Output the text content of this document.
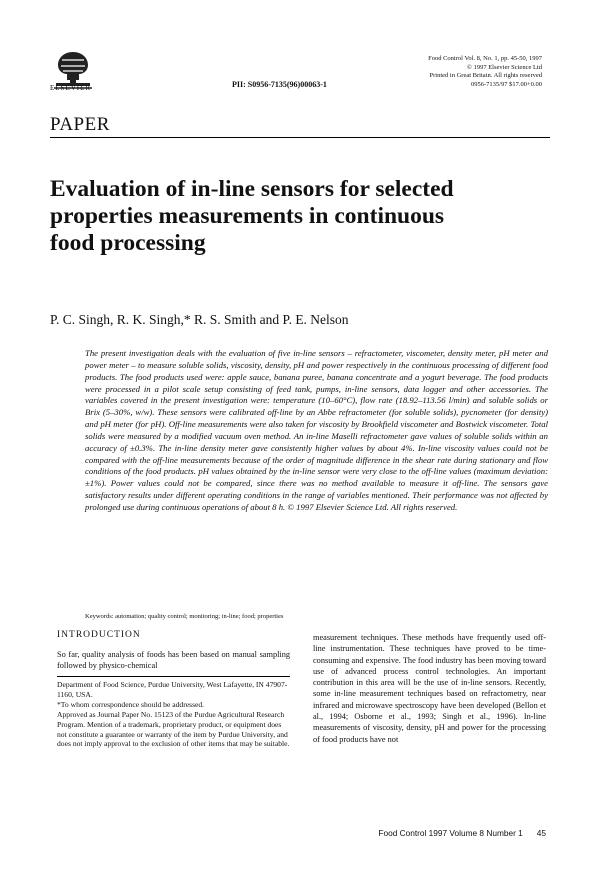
ELSEVIER	PII: S0956-7135(96)00063-1
Food Control Vol. 8, No. 1, pp. 45-50, 1997
© 1997 Elsevier Science Ltd
Printed in Great Britain. All rights reserved
0956-7135/97 $17.00+0.00
PAPER
Evaluation of in-line sensors for selected properties measurements in continuous food processing
P. C. Singh, R. K. Singh,* R. S. Smith and P. E. Nelson
The present investigation deals with the evaluation of five in-line sensors – refractometer, viscometer, density meter, pH meter and power meter – to measure soluble solids, viscosity, density, pH and power respectively in the continuous processing of different food products. The food products used were: apple sauce, banana puree, banana concentrate and a yogurt beverage. The food products were processed in a pilot scale setup consisting of feed tank, pumps, in-line sensors, data logger and other accessories. The variables covered in the present investigation were: temperature (10–60°C), flow rate (18.92–113.56 l/min) and soluble solids or Brix (5–30%, w/w). These sensors were calibrated off-line by an Abbe refractometer (for soluble solids), pycnometer (for density) and pH meter (for pH). Off-line measurements were also taken for viscosity by Brookfield viscometer and Bostwick viscometer. Total solids were measured by a modified vacuum oven method. An in-line Maselli refractometer gave values of soluble solids within an accuracy of ±0.3%. The in-line density meter gave consistently higher values by about 4%. In-line viscosity values could not be compared with the off-line measurements because of the order of magnitude difference in the shear rate during stationary and flow conditions of the food products. pH values obtained by the in-line sensor were very close to the off-line values (maximum deviation: ±1%). Power values could not be compared, since there was no method available to measure it off-line. The sensors gave satisfactory results under different operating conditions in the range of variables mentioned. Their performance was not affected by prolonged use during continuous operations of about 8 h. © 1997 Elsevier Science Ltd. All rights reserved.
Keywords: automation; quality control; monitoring; in-line; food; properties
INTRODUCTION
So far, quality analysis of foods has been based on manual sampling followed by physico-chemical

Department of Food Science, Purdue University, West Lafayette, IN 47907-1160, USA.

*To whom correspondence should be addressed.

Approved as Journal Paper No. 15123 of the Purdue Agricultural Research Program. Mention of a trademark, proprietary product, or equipment does not constitute a guarantee or warranty of the item by Purdue University, and does not imply approval to the exclusion of other items that may be suitable.

measurement techniques. These methods have frequently used off-line instrumentation. These techniques have proved to be time-consuming and expensive. The food industry has been moving toward use of advanced process control technologies. An important contribution in this area will be the use of in-line sensors. Recently, some in-line measurement techniques based on refractometry, near infrared and microwave spectroscopy have been developed (Bellon et al., 1994; Osborne et al., 1993; Singh et al., 1996). In-line measurements of viscosity, density, pH and power for the processing of food products have not
Food Control 1997 Volume 8 Number 1 45
